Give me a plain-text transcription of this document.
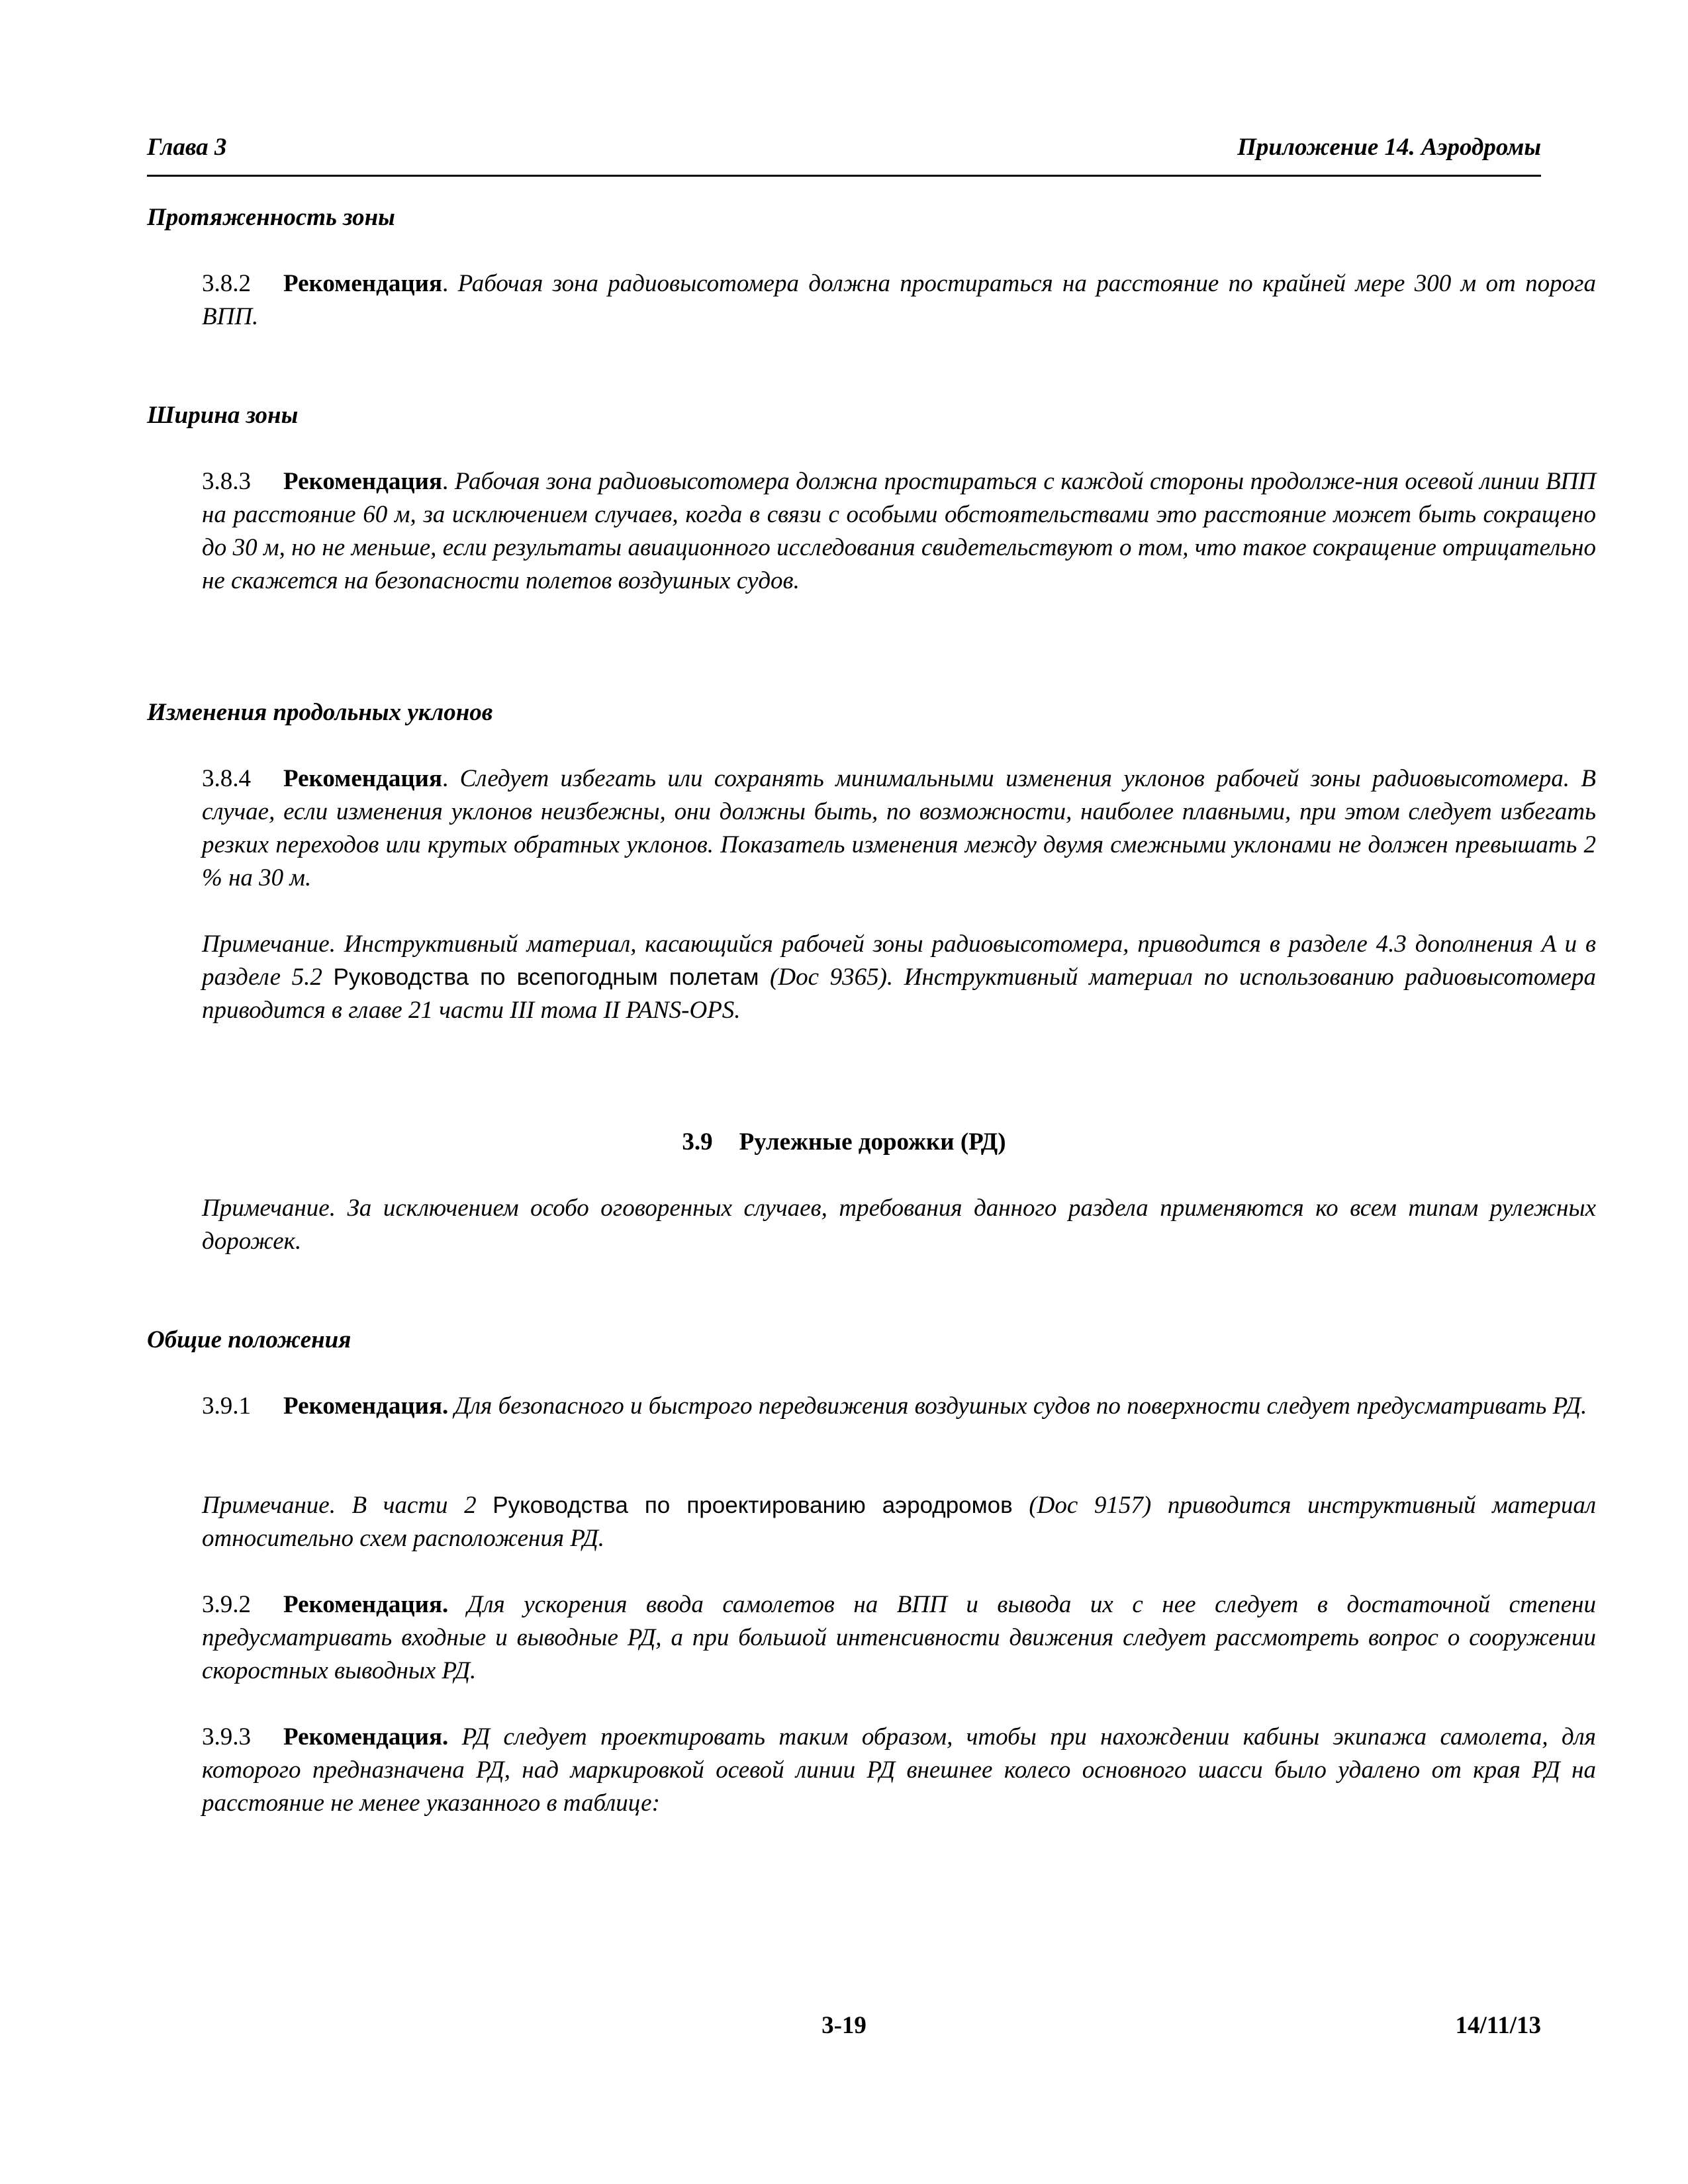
Глава 3	Приложение 14. Аэродромы
Протяженность зоны
3.8.2 Рекомендация. Рабочая зона радиовысотомера должна простираться на расстояние по крайней мере 300 м от порога ВПП.
Ширина зоны
3.8.3 Рекомендация. Рабочая зона радиовысотомера должна простираться с каждой стороны продолже-ния осевой линии ВПП на расстояние 60 м, за исключением случаев, когда в связи с особыми обстоятельствами это расстояние может быть сокращено до 30 м, но не меньше, если результаты авиационного исследования свидетельствуют о том, что такое сокращение отрицательно не скажется на безопасности полетов воздушных судов.
Изменения продольных уклонов
3.8.4 Рекомендация. Следует избегать или сохранять минимальными изменения уклонов рабочей зоны радиовысотомера. В случае, если изменения уклонов неизбежны, они должны быть, по возможности, наиболее плавными, при этом следует избегать резких переходов или крутых обратных уклонов. Показатель изменения между двумя смежными уклонами не должен превышать 2 % на 30 м.
Примечание. Инструктивный материал, касающийся рабочей зоны радиовысотомера, приводится в разделе 4.3 дополнения A и в разделе 5.2 Руководства по всепогодным полетам (Doc 9365). Инструктивный материал по использованию радиовысотомера приводится в главе 21 части III тома II PANS-OPS.
3.9 Рулежные дорожки (РД)
Примечание. За исключением особо оговоренных случаев, требования данного раздела применяются ко всем типам рулежных дорожек.
Общие положения
3.9.1 Рекомендация. Для безопасного и быстрого передвижения воздушных судов по поверхности следует предусматривать РД.
Примечание. В части 2 Руководства по проектированию аэродромов (Doc 9157) приводится инструктивный материал относительно схем расположения РД.
3.9.2 Рекомендация. Для ускорения ввода самолетов на ВПП и вывода их с нее следует в достаточной степени предусматривать входные и выводные РД, а при большой интенсивности движения следует рассмотреть вопрос о сооружении скоростных выводных РД.
3.9.3 Рекомендация. РД следует проектировать таким образом, чтобы при нахождении кабины экипажа самолета, для которого предназначена РД, над маркировкой осевой линии РД внешнее колесо основного шасси было удалено от края РД на расстояние не менее указанного в таблице:
3-19	14/11/13
